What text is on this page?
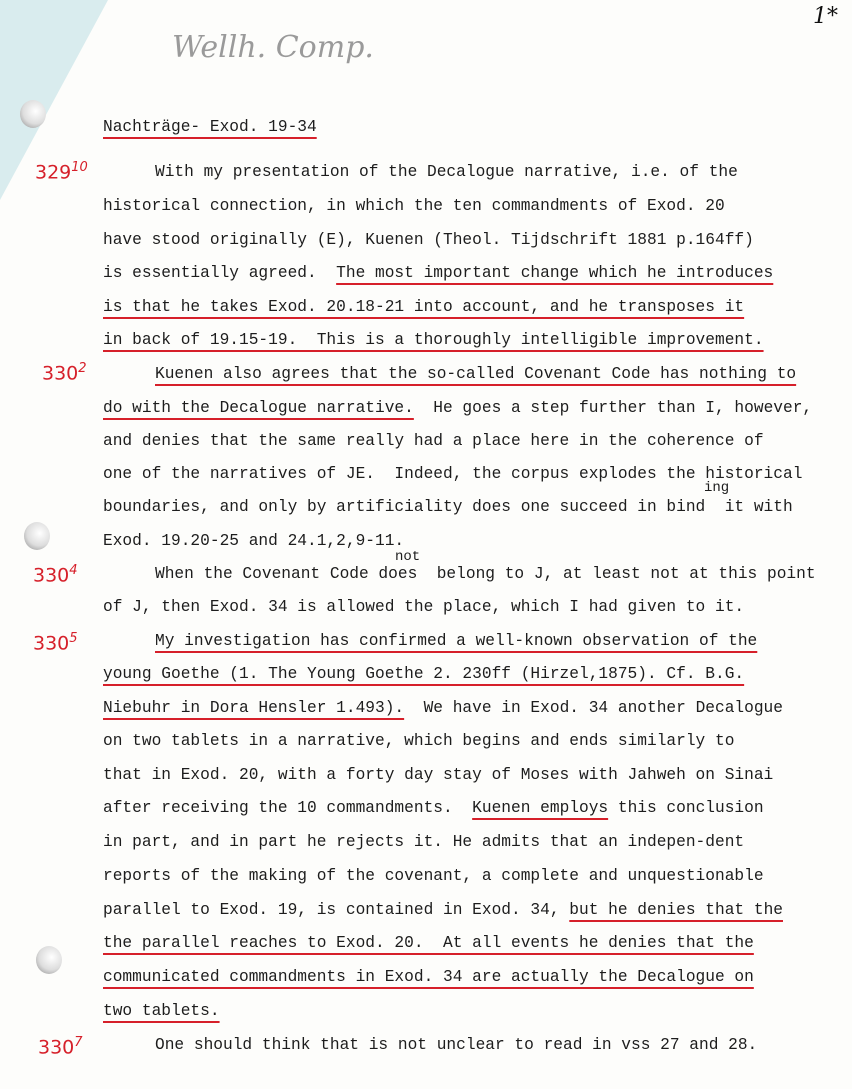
Wellh. Comp.
1*
Nachträge- Exod. 19-34
$329^{10}$
$330^2$
$330^4$
$330^5$
$330^7$
With my presentation of the Decalogue narrative, i.e. of the
historical connection, in which the ten commandments of Exod. 20
have stood originally (E), Kuenen (Theol. Tijdschrift 1881 p.164ff)
is essentially agreed.  The most important change which he introduces
is that he takes Exod. 20.18-21 into account, and he transposes it
in back of 19.15-19.  This is a thoroughly intelligible improvement.
Kuenen also agrees that the so-called Covenant Code has nothing to
do with the Decalogue narrative.  He goes a step further than I, however,
and denies that the same really had a place here in the coherence of
one of the narratives of JE.  Indeed, the corpus explodes the historical
boundaries, and only by artificiality does one succeed in bind  it with
Exod. 19.20-25 and 24.1,2,9-11.
When the Covenant Code does  belong to J, at least not at this point
of J, then Exod. 34 is allowed the place, which I had given to it.
My investigation has confirmed a well-known observation of the
young Goethe (1. The Young Goethe 2. 230ff (Hirzel,1875). Cf. B.G.
Niebuhr in Dora Hensler 1.493).  We have in Exod. 34 another Decalogue
on two tablets in a narrative, which begins and ends similarly to
that in Exod. 20, with a forty day stay of Moses with Jahweh on Sinai
after receiving the 10 commandments.  Kuenen employs this conclusion
in part, and in part he rejects it. He admits that an indepen-dent
reports of the making of the covenant, a complete and unquestionable
parallel to Exod. 19, is contained in Exod. 34, but he denies that the
the parallel reaches to Exod. 20.  At all events he denies that the
communicated commandments in Exod. 34 are actually the Decalogue on
two tablets.
One should think that is not unclear to read in vss 27 and 28.
ing
not
